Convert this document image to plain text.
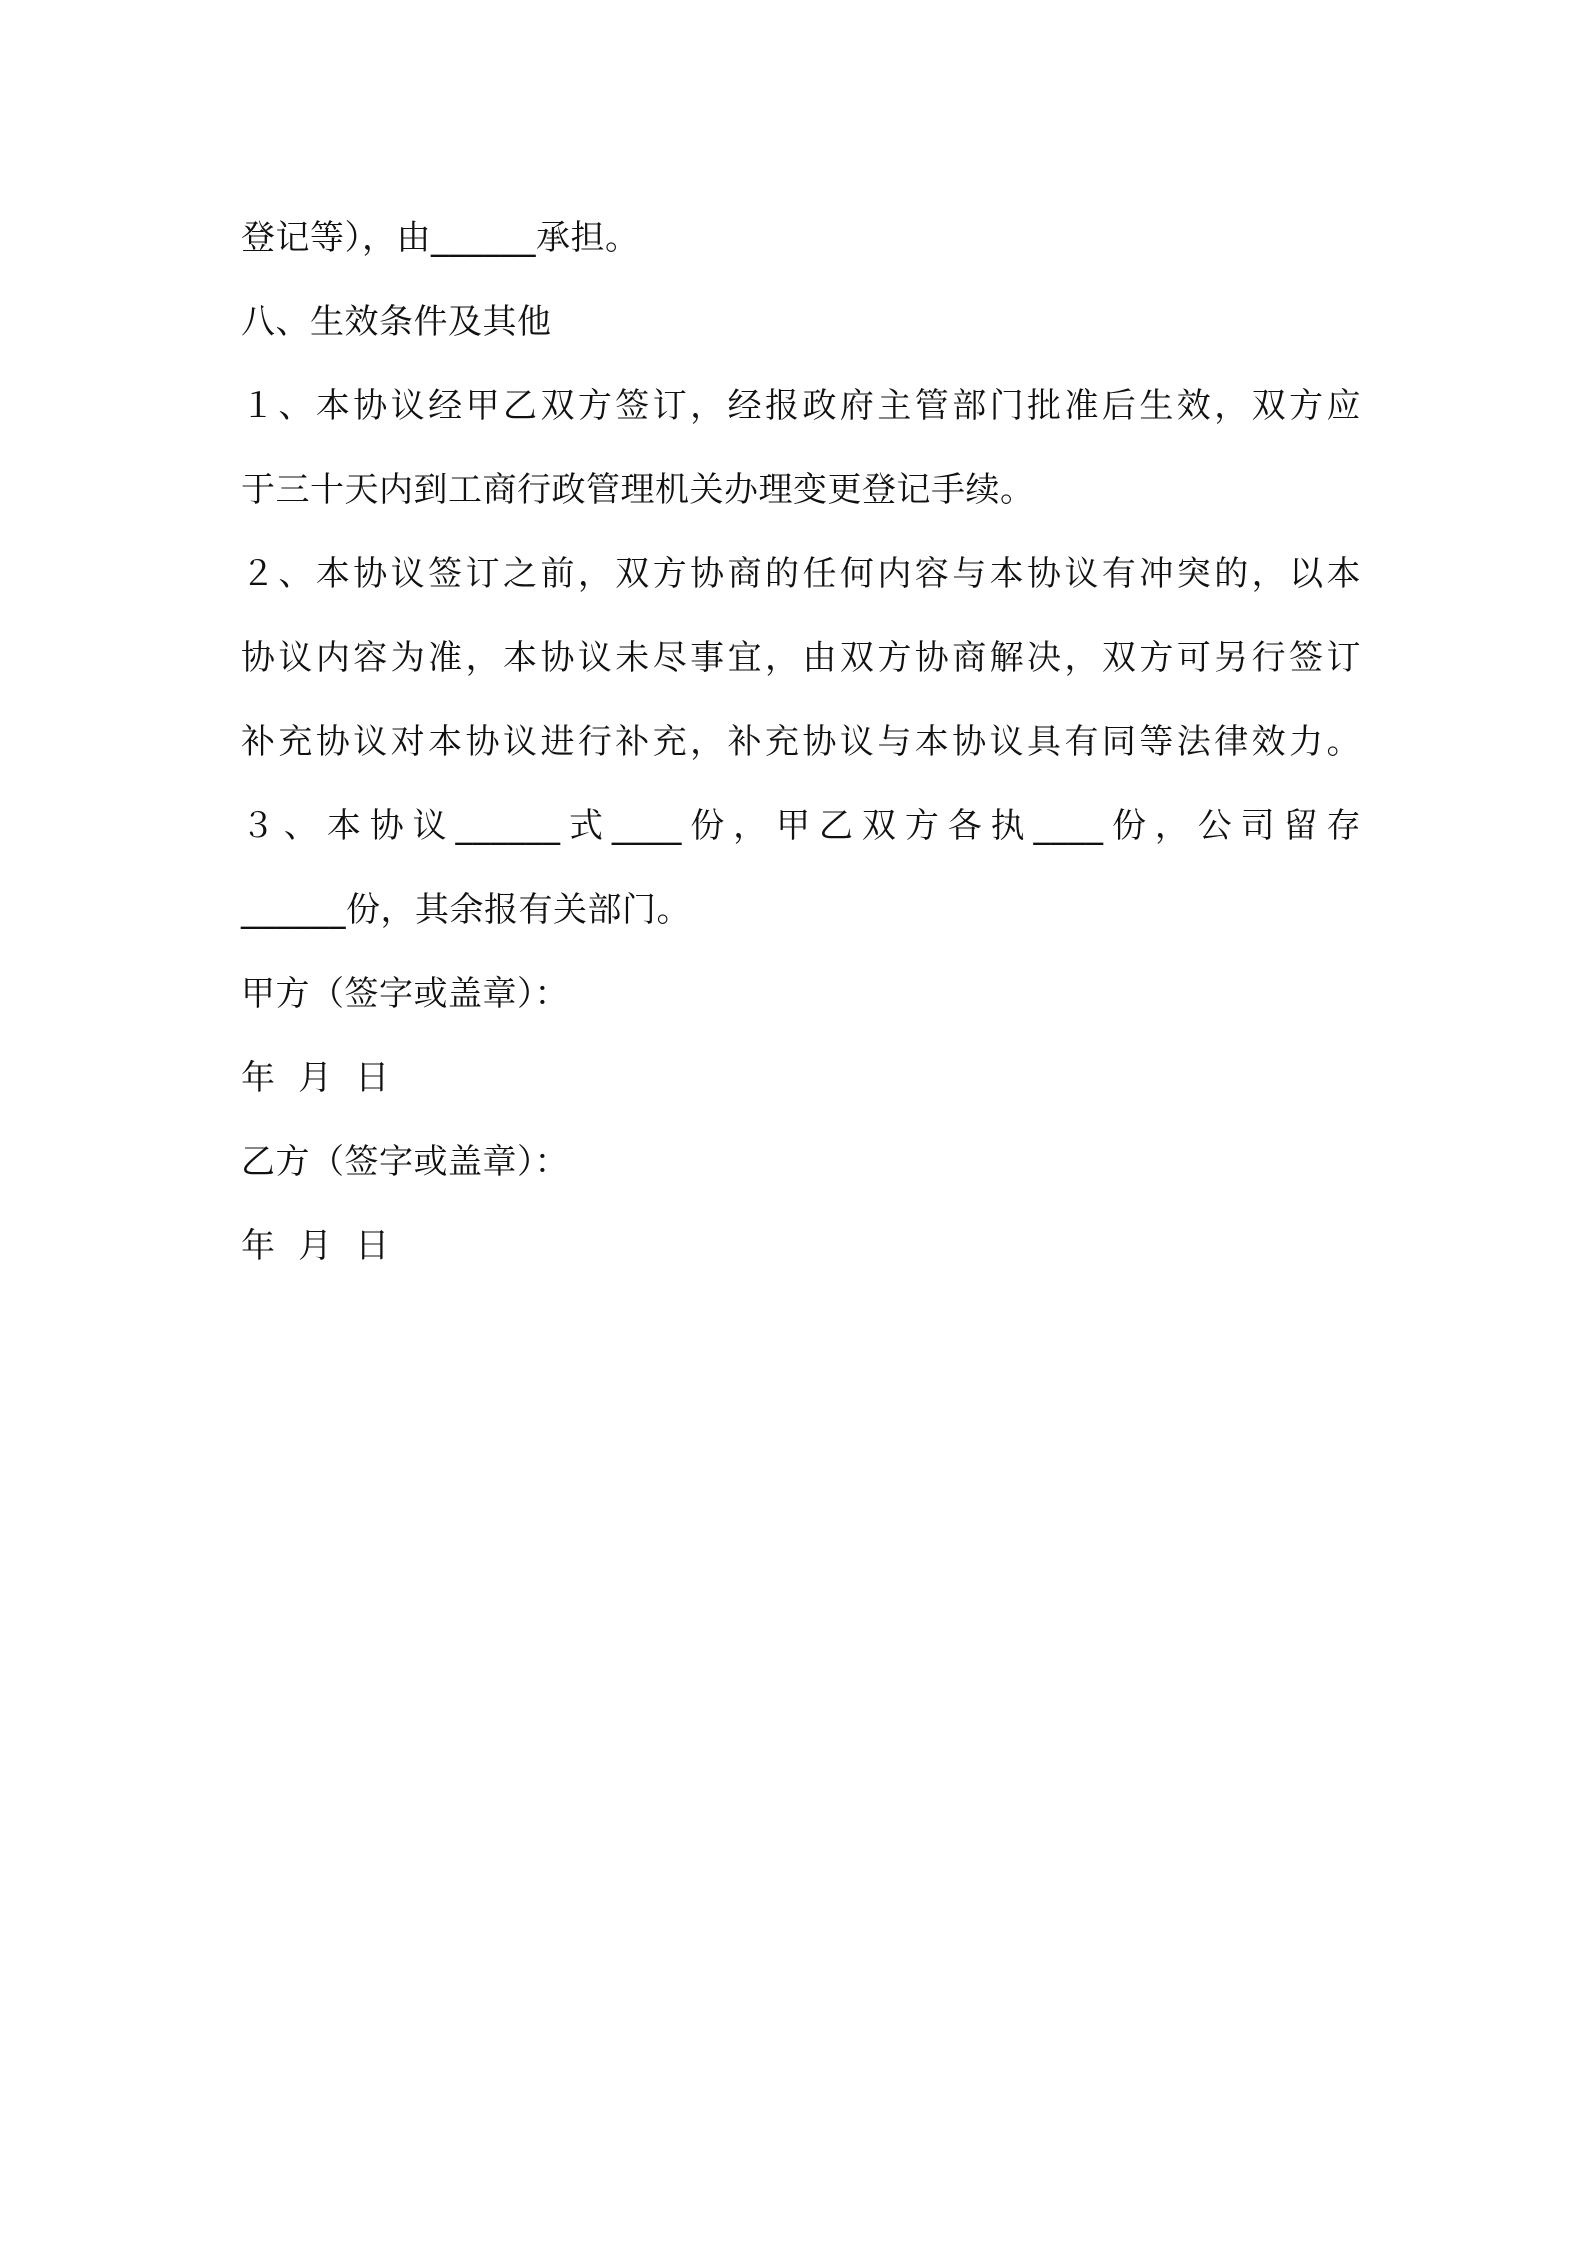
登记等），由______承担。
八、生效条件及其他
１、本协议经甲乙双方签订，经报政府主管部门批准后生效，双方应
于三十天内到工商行政管理机关办理变更登记手续。
２、本协议签订之前，双方协商的任何内容与本协议有冲突的，以本
协议内容为准，本协议未尽事宜，由双方协商解决，双方可另行签订
补充协议对本协议进行补充，补充协议与本协议具有同等法律效力。
３、本协议______式____份，甲乙双方各执____份，公司留存
______份，其余报有关部门。
甲方（签字或盖章）：
年  月  日
乙方（签字或盖章）：
年  月  日
